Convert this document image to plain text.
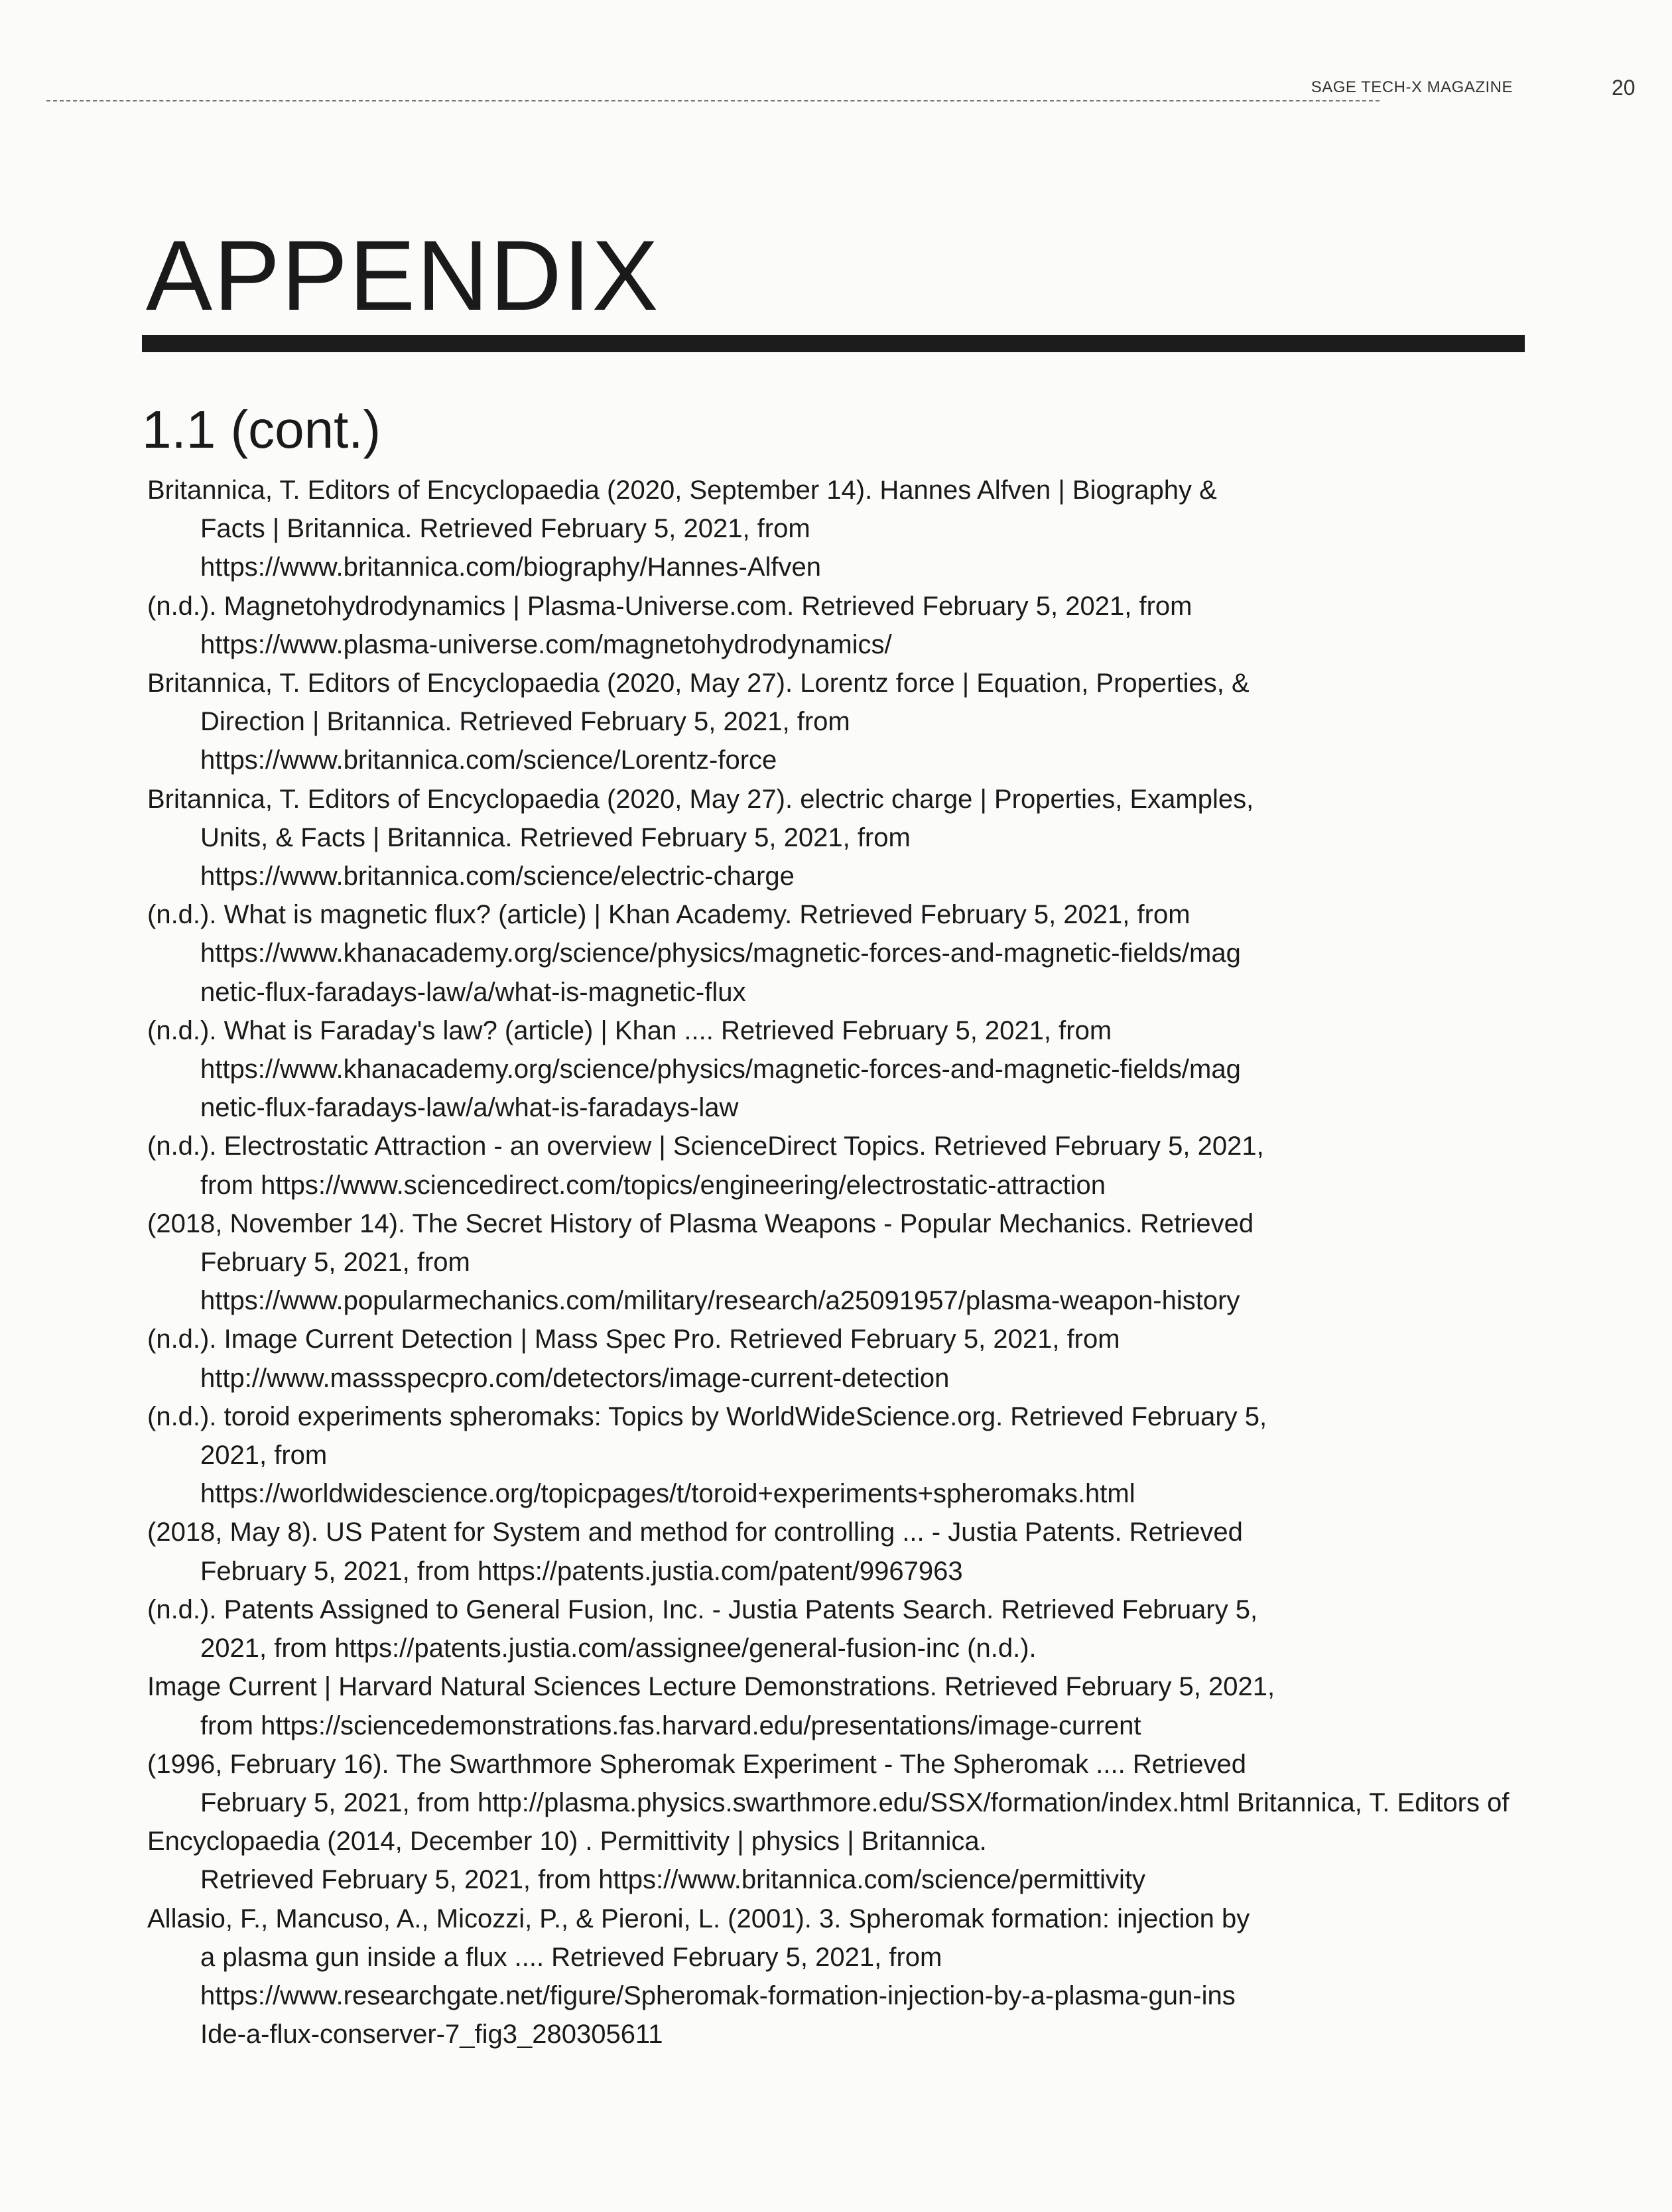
SAGE TECH-X MAGAZINE	20
APPENDIX
1.1 (cont.)
Britannica, T. Editors of Encyclopaedia (2020, September 14). Hannes Alfven | Biography &
Facts | Britannica. Retrieved February 5, 2021, from
https://www.britannica.com/biography/Hannes-Alfven
(n.d.). Magnetohydrodynamics | Plasma-Universe.com. Retrieved February 5, 2021, from
https://www.plasma-universe.com/magnetohydrodynamics/
Britannica, T. Editors of Encyclopaedia (2020, May 27). Lorentz force | Equation, Properties, &
Direction | Britannica. Retrieved February 5, 2021, from
https://www.britannica.com/science/Lorentz-force
Britannica, T. Editors of Encyclopaedia (2020, May 27). electric charge | Properties, Examples,
Units, & Facts | Britannica. Retrieved February 5, 2021, from
https://www.britannica.com/science/electric-charge
(n.d.). What is magnetic flux? (article) | Khan Academy. Retrieved February 5, 2021, from
https://www.khanacademy.org/science/physics/magnetic-forces-and-magnetic-fields/mag
netic-flux-faradays-law/a/what-is-magnetic-flux
(n.d.). What is Faraday's law? (article) | Khan .... Retrieved February 5, 2021, from
https://www.khanacademy.org/science/physics/magnetic-forces-and-magnetic-fields/mag
netic-flux-faradays-law/a/what-is-faradays-law
(n.d.). Electrostatic Attraction - an overview | ScienceDirect Topics. Retrieved February 5, 2021,
from https://www.sciencedirect.com/topics/engineering/electrostatic-attraction
(2018, November 14). The Secret History of Plasma Weapons - Popular Mechanics. Retrieved
February 5, 2021, from
https://www.popularmechanics.com/military/research/a25091957/plasma-weapon-history
(n.d.). Image Current Detection | Mass Spec Pro. Retrieved February 5, 2021, from
http://www.massspecpro.com/detectors/image-current-detection
(n.d.). toroid experiments spheromaks: Topics by WorldWideScience.org. Retrieved February 5,
2021, from
https://worldwidescience.org/topicpages/t/toroid+experiments+spheromaks.html
(2018, May 8). US Patent for System and method for controlling ... - Justia Patents. Retrieved
February 5, 2021, from https://patents.justia.com/patent/9967963
(n.d.). Patents Assigned to General Fusion, Inc. - Justia Patents Search. Retrieved February 5,
2021, from https://patents.justia.com/assignee/general-fusion-inc (n.d.).
Image Current | Harvard Natural Sciences Lecture Demonstrations. Retrieved February 5, 2021,
from https://sciencedemonstrations.fas.harvard.edu/presentations/image-current
(1996, February 16). The Swarthmore Spheromak Experiment - The Spheromak .... Retrieved
February 5, 2021, from http://plasma.physics.swarthmore.edu/SSX/formation/index.html Britannica, T. Editors of
Encyclopaedia (2014, December 10) . Permittivity | physics | Britannica.
Retrieved February 5, 2021, from https://www.britannica.com/science/permittivity
Allasio, F., Mancuso, A., Micozzi, P., & Pieroni, L. (2001). 3. Spheromak formation: injection by
a plasma gun inside a flux .... Retrieved February 5, 2021, from
https://www.researchgate.net/figure/Spheromak-formation-injection-by-a-plasma-gun-ins
Ide-a-flux-conserver-7_fig3_280305611
